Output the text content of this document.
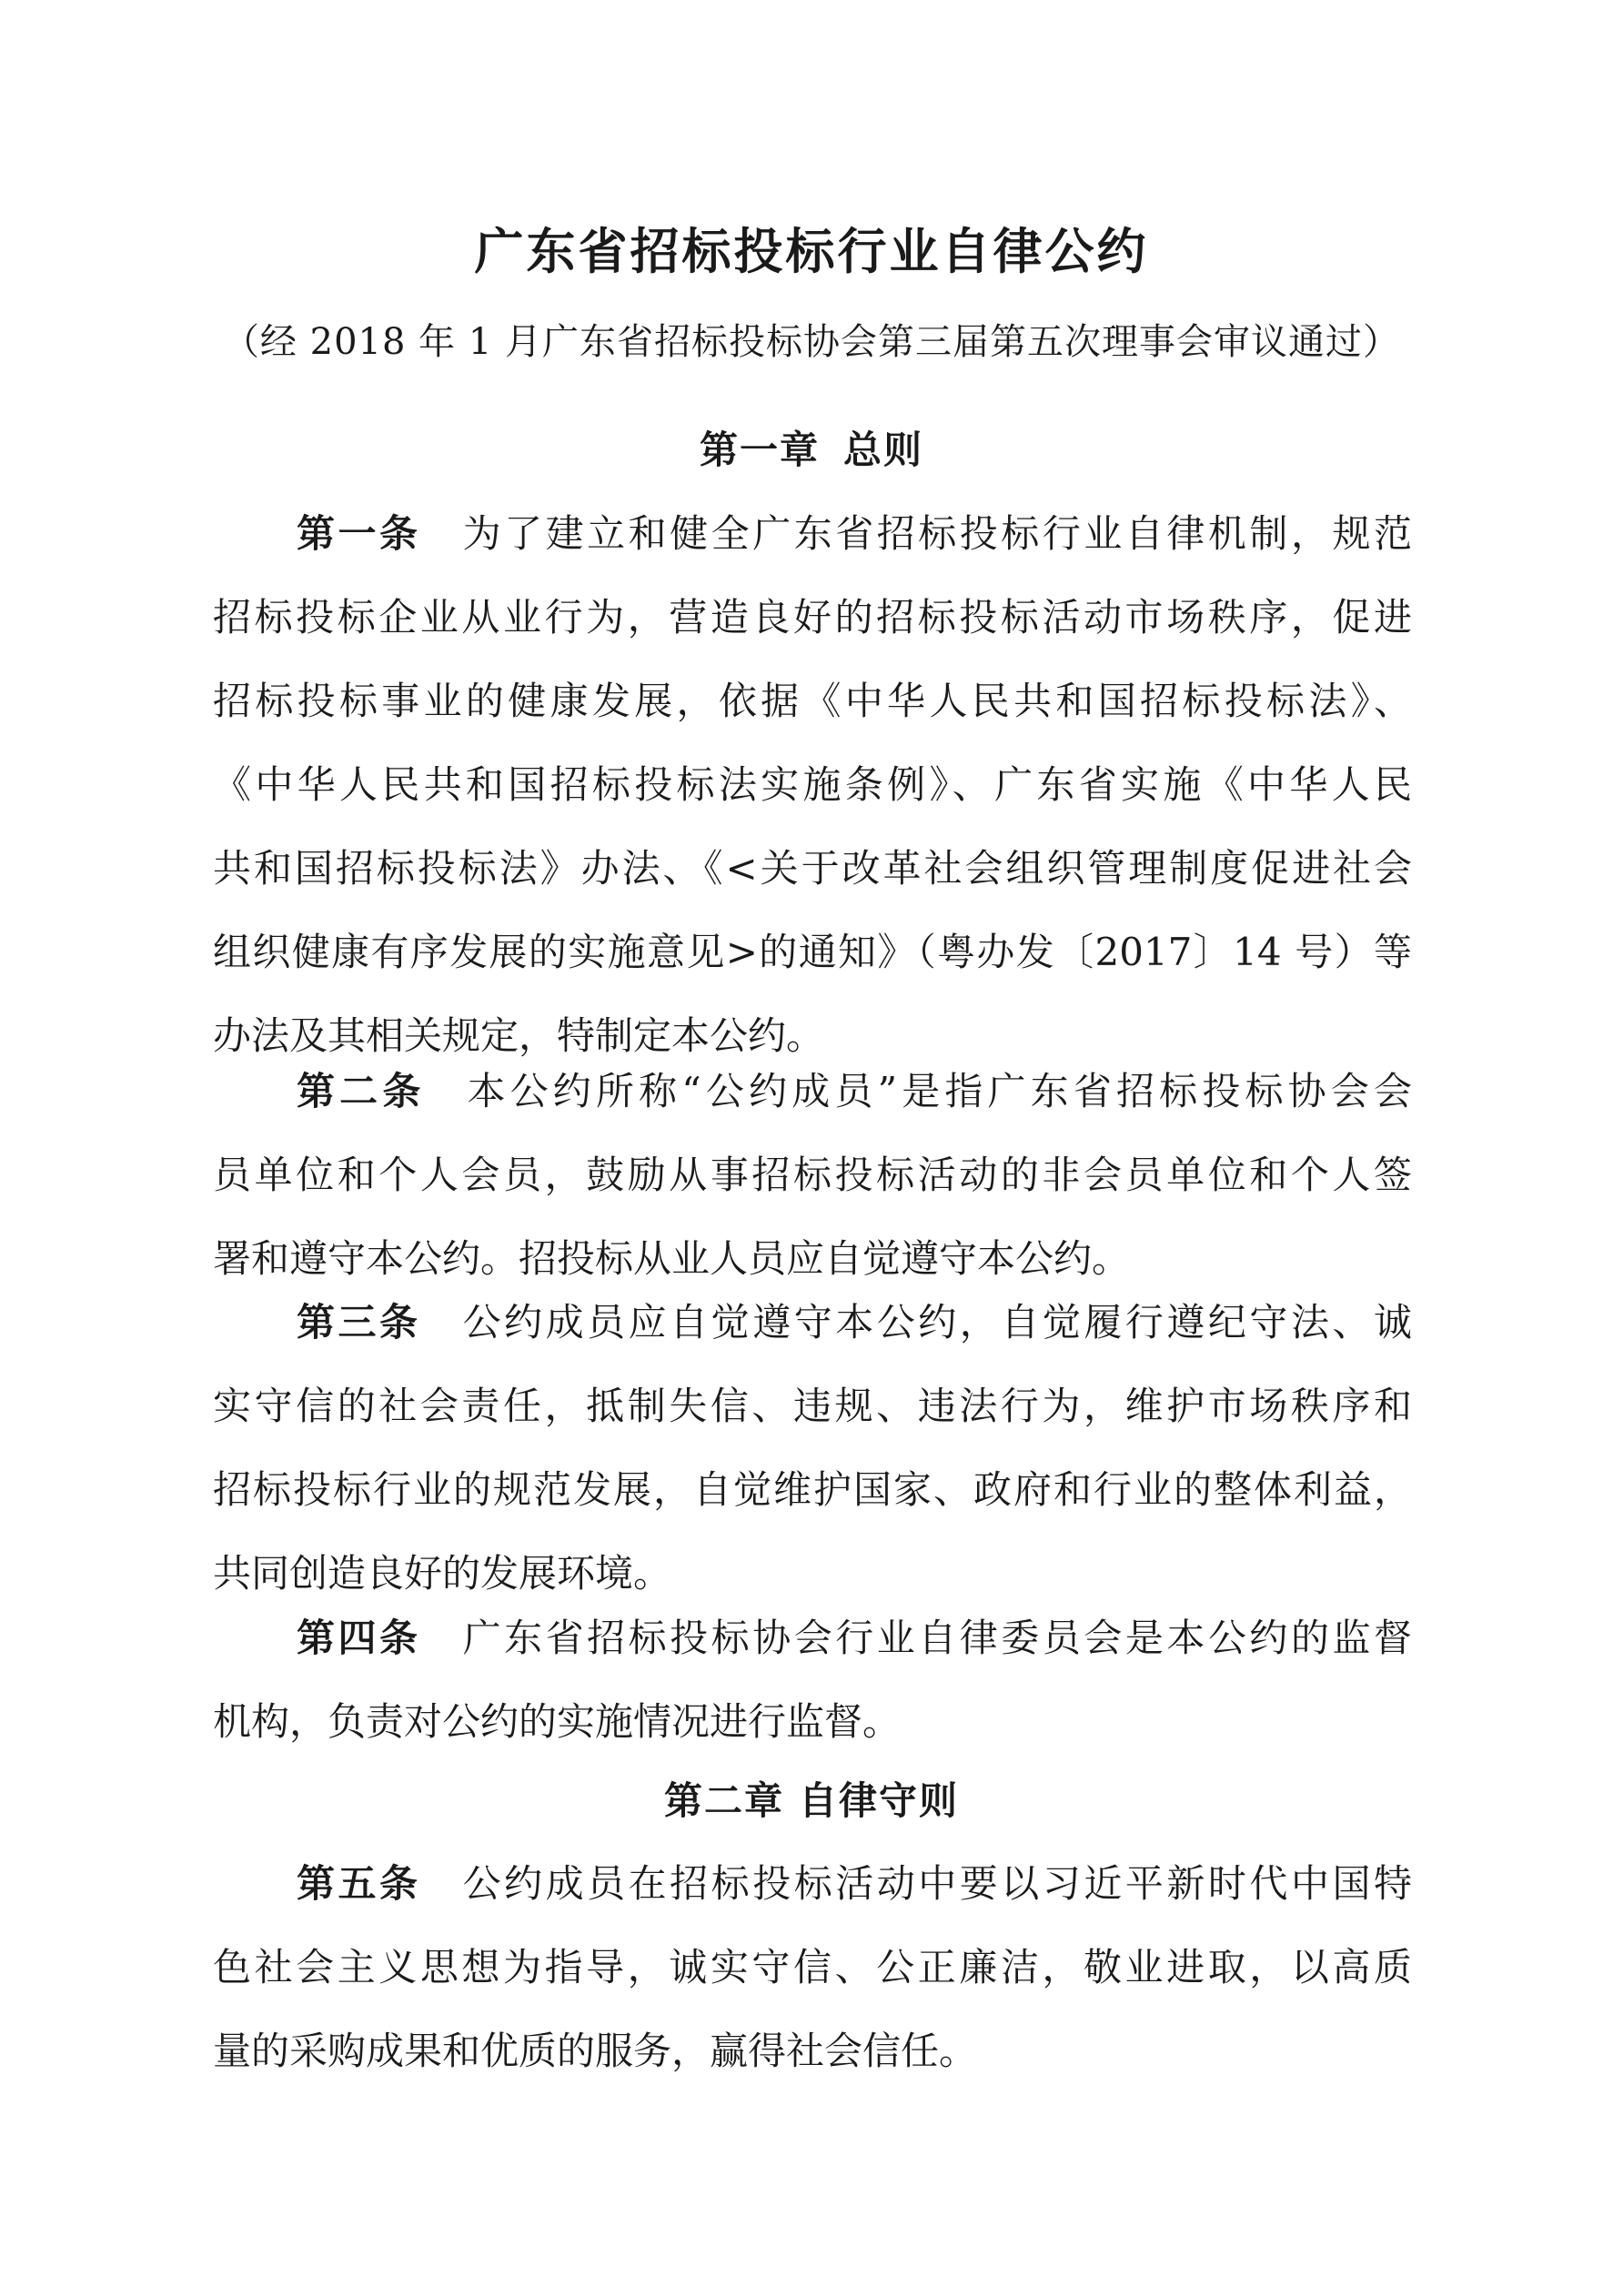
广东省招标投标行业自律公约

（经 2018 年 1 月广东省招标投标协会第三届第五次理事会审议通过）

第一章 总则
第一条 为了建立和健全广东省招标投标行业自律机制，规范
招标投标企业从业行为，营造良好的招标投标活动市场秩序，促进
招标投标事业的健康发展，依据《中华人民共和国招标投标法》、
《中华人民共和国招标投标法实施条例》、广东省实施《中华人民
共和国招标投标法》办法、《<关于改革社会组织管理制度促进社会
组织健康有序发展的实施意见>的通知》（粤办发〔2017〕14 号）等
办法及其相关规定，特制定本公约。
第二条 本公约所称“公约成员”是指广东省招标投标协会会
员单位和个人会员，鼓励从事招标投标活动的非会员单位和个人签
署和遵守本公约。招投标从业人员应自觉遵守本公约。
第三条 公约成员应自觉遵守本公约，自觉履行遵纪守法、诚
实守信的社会责任，抵制失信、违规、违法行为，维护市场秩序和
招标投标行业的规范发展，自觉维护国家、政府和行业的整体利益，
共同创造良好的发展环境。
第四条 广东省招标投标协会行业自律委员会是本公约的监督
机构，负责对公约的实施情况进行监督。
第二章 自律守则
第五条 公约成员在招标投标活动中要以习近平新时代中国特
色社会主义思想为指导，诚实守信、公正廉洁，敬业进取，以高质
量的采购成果和优质的服务，赢得社会信任。
